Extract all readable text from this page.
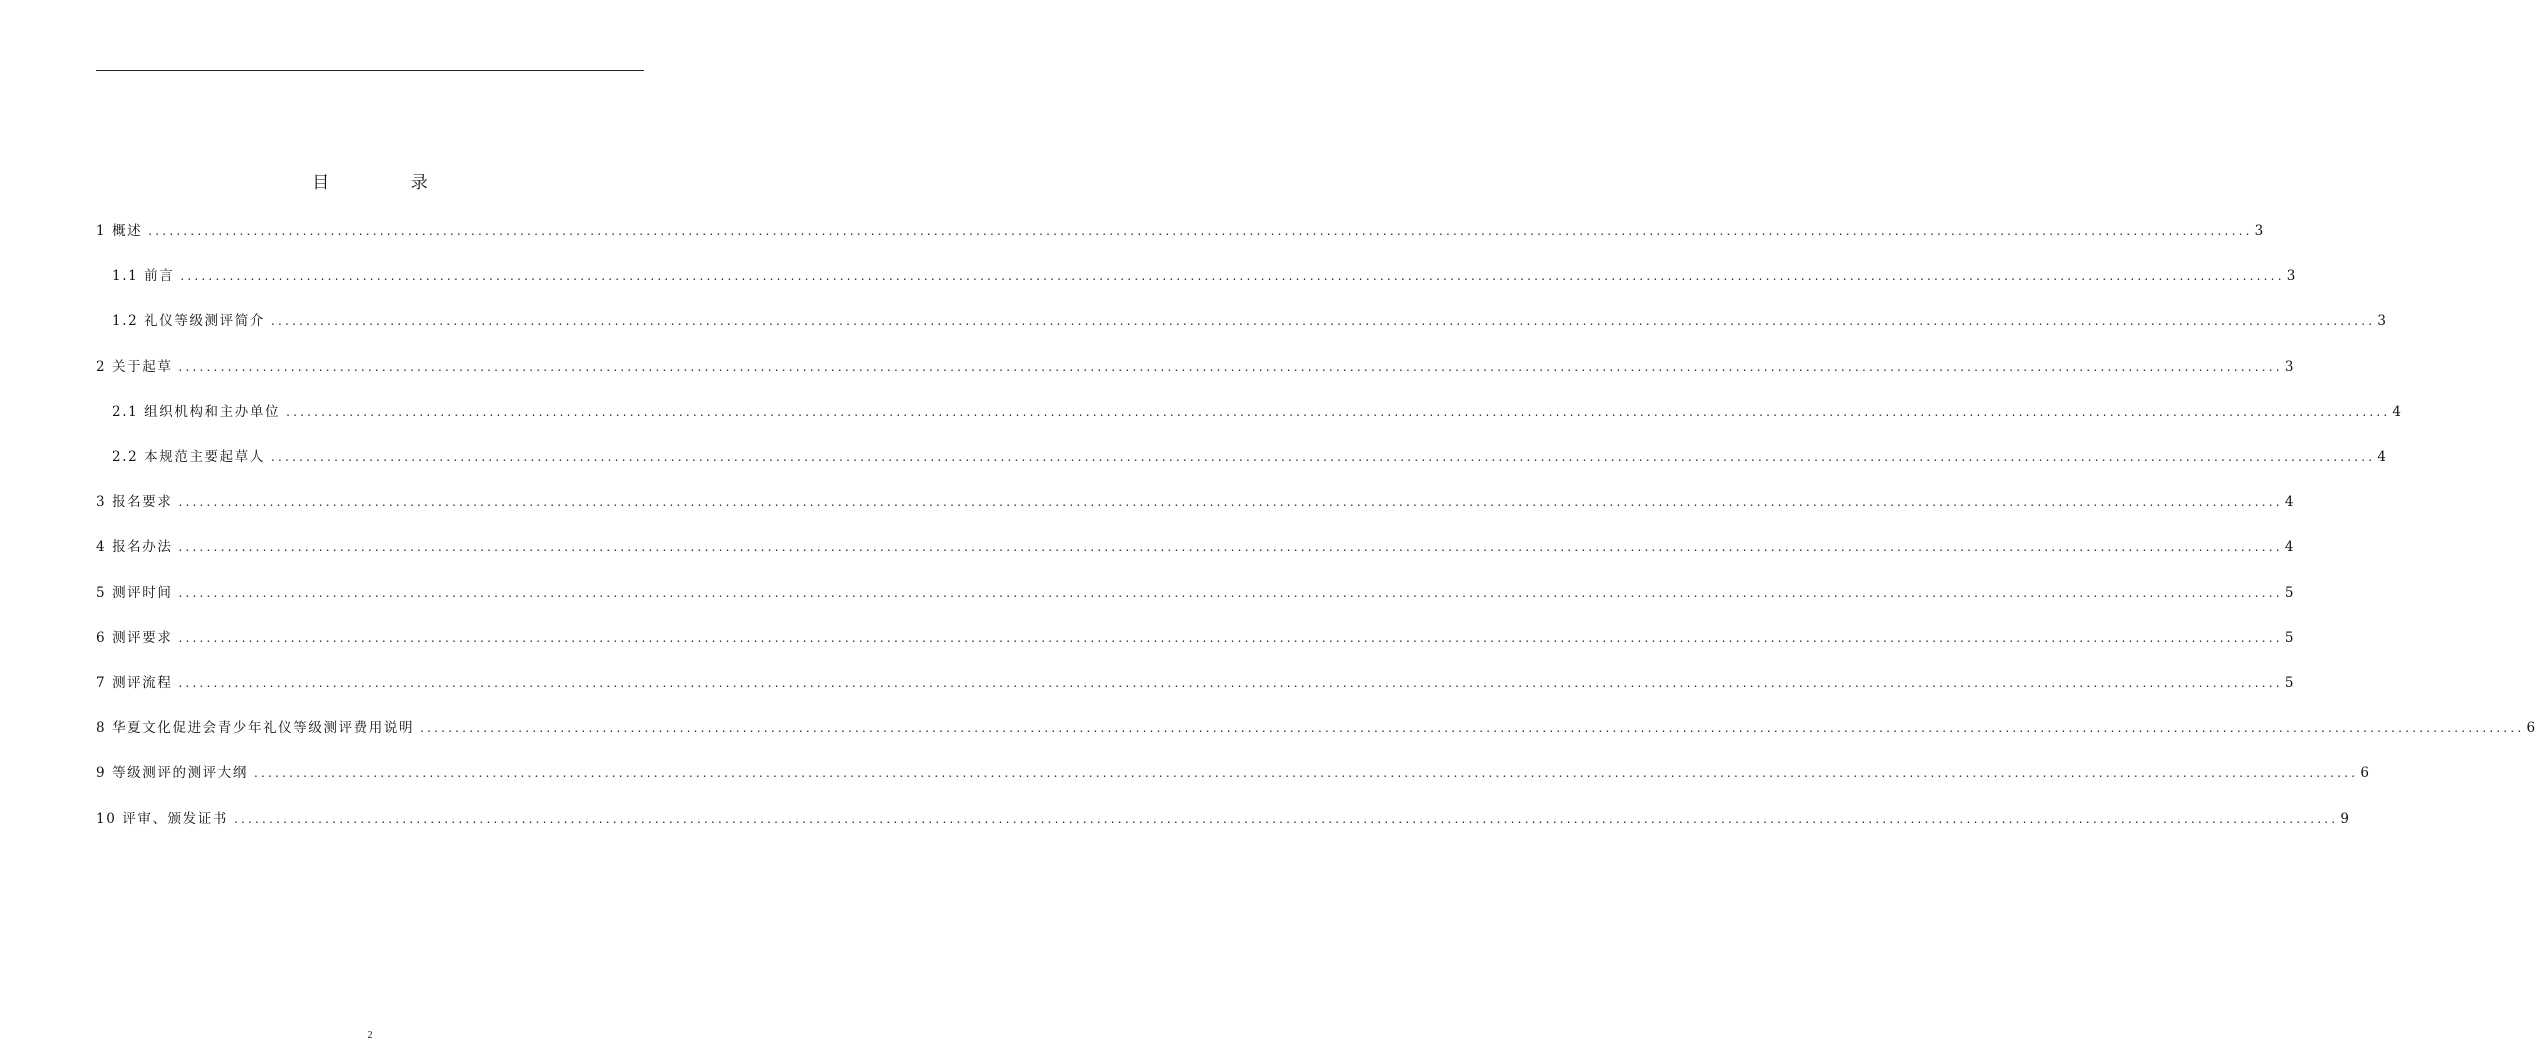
目 录
1 概述 ............................................................................................................................................................................................................................................................................................................ 3
1.1 前言 ............................................................................................................................................................................................................................................................................................................ 3
1.2 礼仪等级测评简介 ............................................................................................................................................................................................................................................................................................................ 3
2 关于起草 ............................................................................................................................................................................................................................................................................................................ 3
2.1 组织机构和主办单位 ............................................................................................................................................................................................................................................................................................................ 4
2.2 本规范主要起草人 ............................................................................................................................................................................................................................................................................................................ 4
3 报名要求 ............................................................................................................................................................................................................................................................................................................ 4
4 报名办法 ............................................................................................................................................................................................................................................................................................................ 4
5 测评时间 ............................................................................................................................................................................................................................................................................................................ 5
6 测评要求 ............................................................................................................................................................................................................................................................................................................ 5
7 测评流程 ............................................................................................................................................................................................................................................................................................................ 5
8 华夏文化促进会青少年礼仪等级测评费用说明 ............................................................................................................................................................................................................................................................................................................ 6
9 等级测评的测评大纲 ............................................................................................................................................................................................................................................................................................................ 6
10 评审、颁发证书 ............................................................................................................................................................................................................................................................................................................ 9
2
